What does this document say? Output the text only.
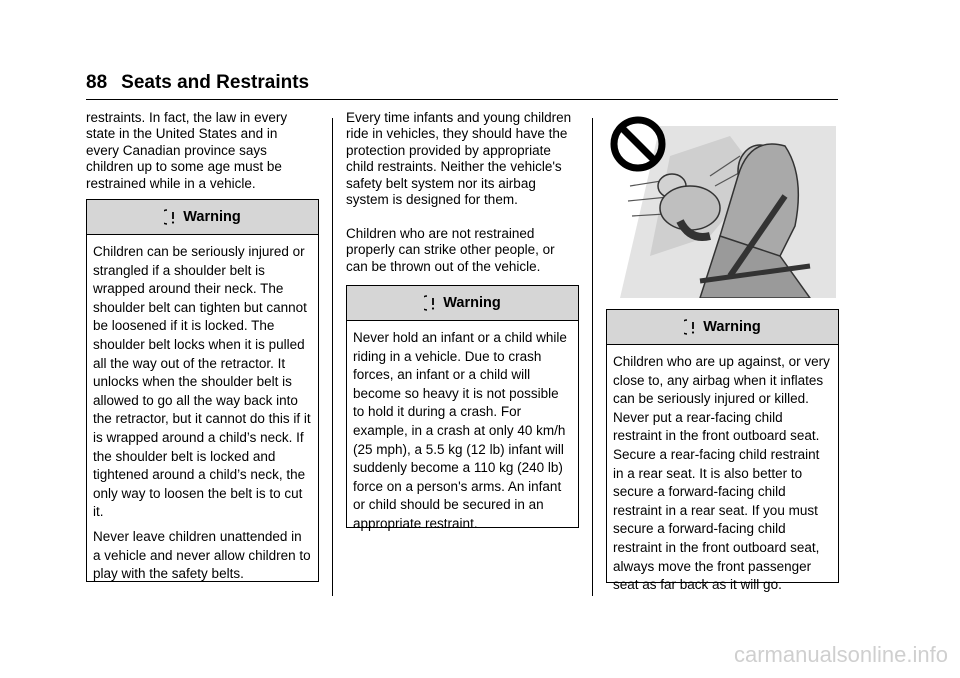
88 Seats and Restraints

restraints. In fact, the law in every state in the United States and in every Canadian province says children up to some age must be restrained while in a vehicle.

Warning

Children can be seriously injured or strangled if a shoulder belt is wrapped around their neck. The shoulder belt can tighten but cannot be loosened if it is locked. The shoulder belt locks when it is pulled all the way out of the retractor. It unlocks when the shoulder belt is allowed to go all the way back into the retractor, but it cannot do this if it is wrapped around a child’s neck. If the shoulder belt is locked and tightened around a child’s neck, the only way to loosen the belt is to cut it.

Never leave children unattended in a vehicle and never allow children to play with the safety belts.

Every time infants and young children ride in vehicles, they should have the protection provided by appropriate child restraints. Neither the vehicle's safety belt system nor its airbag system is designed for them.

Children who are not restrained properly can strike other people, or can be thrown out of the vehicle.

Warning

Never hold an infant or a child while riding in a vehicle. Due to crash forces, an infant or a child will become so heavy it is not possible to hold it during a crash. For example, in a crash at only 40 km/h (25 mph), a 5.5 kg (12 lb) infant will suddenly become a 110 kg (240 lb) force on a person's arms. An infant or child should be secured in an appropriate restraint.

Warning

Children who are up against, or very close to, any airbag when it inflates can be seriously injured or killed. Never put a rear-facing child restraint in the front outboard seat. Secure a rear-facing child restraint in a rear seat. It is also better to secure a forward-facing child restraint in a rear seat. If you must secure a forward-facing child restraint in the front outboard seat, always move the front passenger seat as far back as it will go.

carmanualsonline.info
